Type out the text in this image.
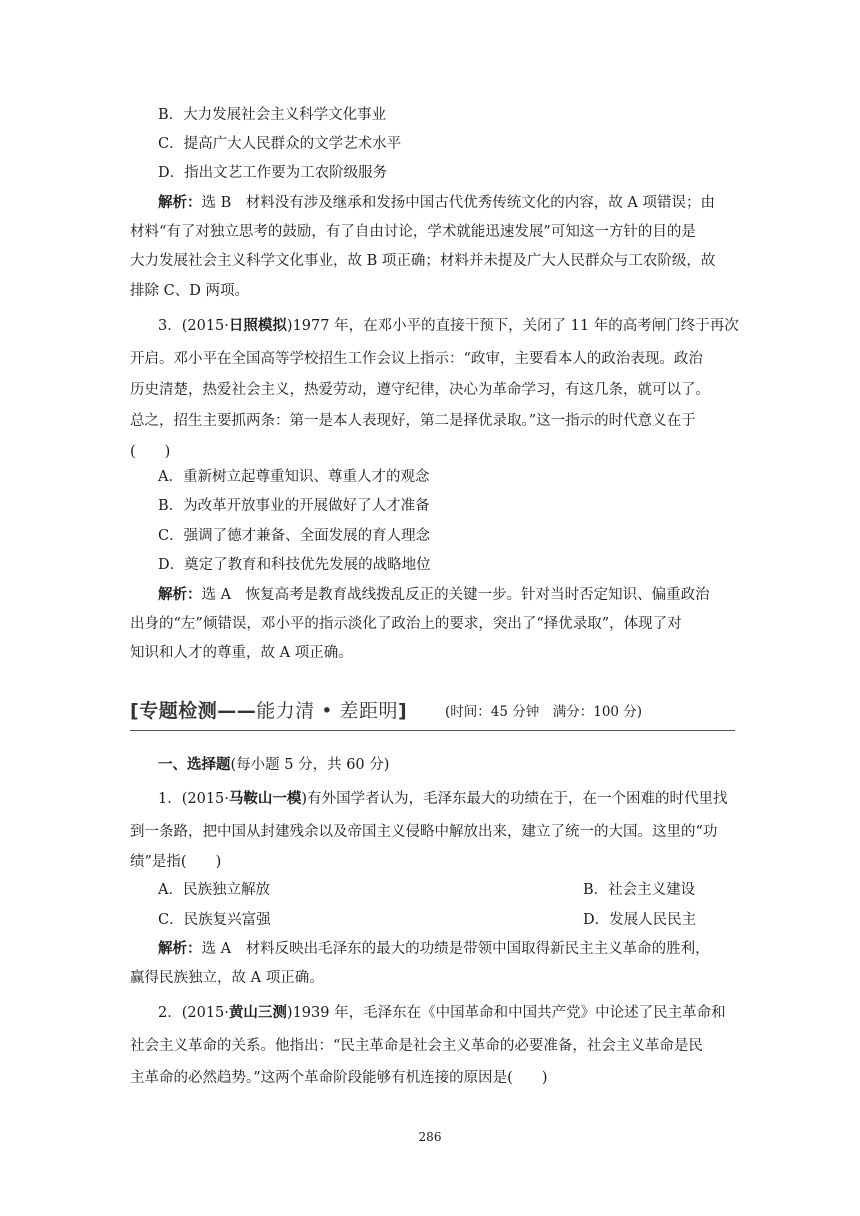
B．大力发展社会主义科学文化事业
C．提高广大人民群众的文学艺术水平
D．指出文艺工作要为工农阶级服务
解析：选 B　材料没有涉及继承和发扬中国古代优秀传统文化的内容，故 A 项错误；由
材料“有了对独立思考的鼓励，有了自由讨论，学术就能迅速发展”可知这一方针的目的是
大力发展社会主义科学文化事业，故 B 项正确；材料并未提及广大人民群众与工农阶级，故
排除 C、D 两项。
3．(2015·日照模拟)1977 年，在邓小平的直接干预下，关闭了 11 年的高考闸门终于再次
开启。邓小平在全国高等学校招生工作会议上指示：“政审，主要看本人的政治表现。政治
历史清楚，热爱社会主义，热爱劳动，遵守纪律，决心为革命学习，有这几条，就可以了。
总之，招生主要抓两条：第一是本人表现好，第二是择优录取。”这一指示的时代意义在于
(　　)
A．重新树立起尊重知识、尊重人才的观念
B．为改革开放事业的开展做好了人才准备
C．强调了德才兼备、全面发展的育人理念
D．奠定了教育和科技优先发展的战略地位
解析：选 A　恢复高考是教育战线拨乱反正的关键一步。针对当时否定知识、偏重政治
出身的“左”倾错误，邓小平的指示淡化了政治上的要求，突出了“择优录取”，体现了对
知识和人才的尊重，故 A 项正确。
[专题检测——能力清 • 差距明]	(时间：45 分钟　满分：100 分)
一、选择题(每小题 5 分，共 60 分)
1．(2015·马鞍山一模)有外国学者认为，毛泽东最大的功绩在于，在一个困难的时代里找
到一条路，把中国从封建残余以及帝国主义侵略中解放出来，建立了统一的大国。这里的“功
绩”是指(　　)
A．民族独立解放	B．社会主义建设
C．民族复兴富强	D．发展人民民主
解析：选 A　材料反映出毛泽东的最大的功绩是带领中国取得新民主主义革命的胜利，
赢得民族独立，故 A 项正确。
2．(2015·黄山三测)1939 年，毛泽东在《中国革命和中国共产党》中论述了民主革命和
社会主义革命的关系。他指出：“民主革命是社会主义革命的必要准备，社会主义革命是民
主革命的必然趋势。”这两个革命阶段能够有机连接的原因是(　　)
286
